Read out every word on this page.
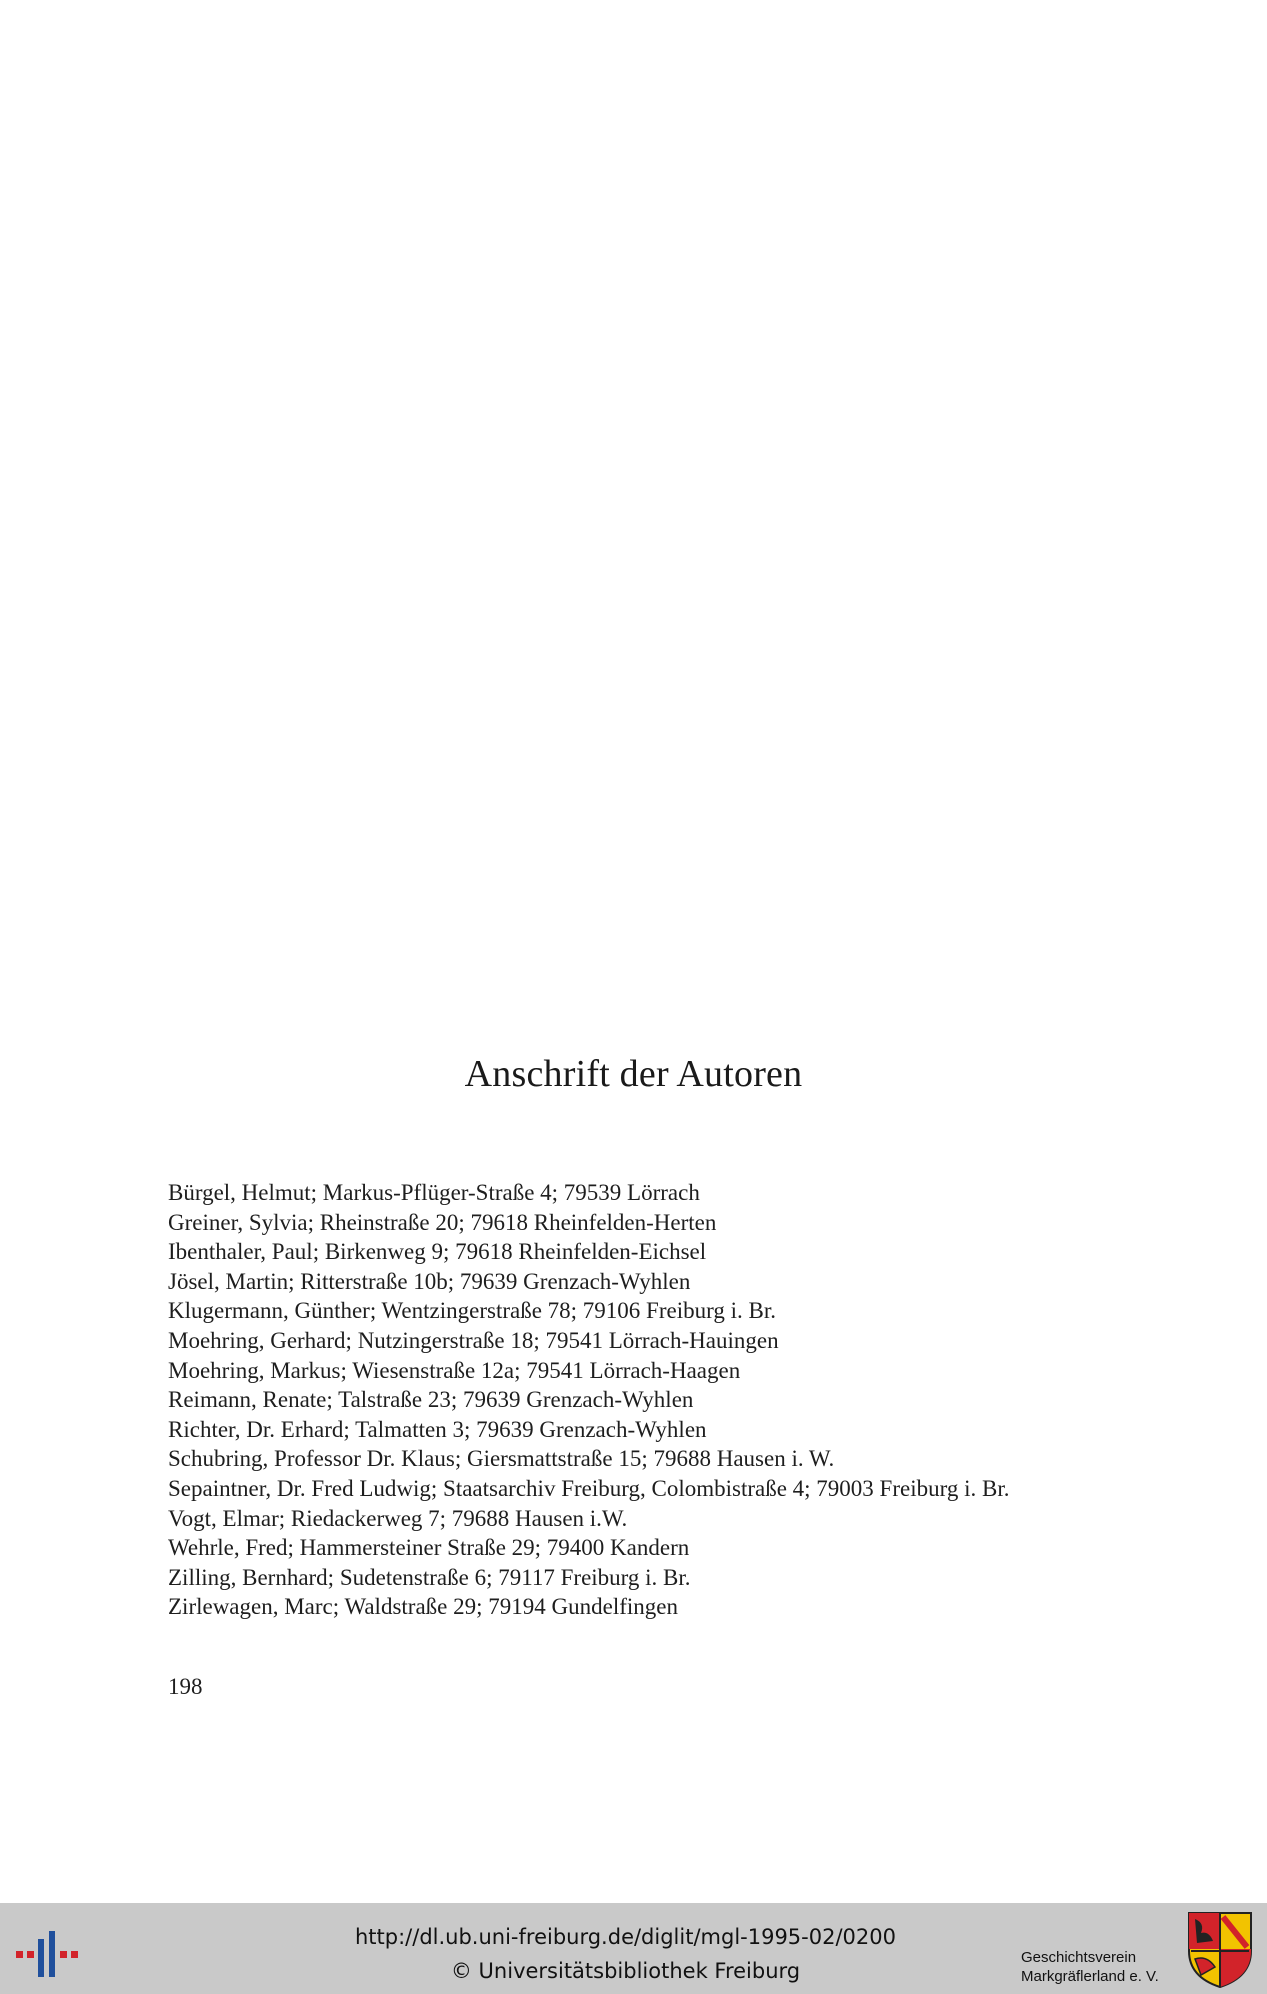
Anschrift der Autoren
Bürgel, Helmut; Markus-Pflüger-Straße 4; 79539 Lörrach
Greiner, Sylvia; Rheinstraße 20; 79618 Rheinfelden-Herten
Ibenthaler, Paul; Birkenweg 9; 79618 Rheinfelden-Eichsel
Jösel, Martin; Ritterstraße 10b; 79639 Grenzach-Wyhlen
Klugermann, Günther; Wentzingerstraße 78; 79106 Freiburg i. Br.
Moehring, Gerhard; Nutzingerstraße 18; 79541 Lörrach-Hauingen
Moehring, Markus; Wiesenstraße 12a; 79541 Lörrach-Haagen
Reimann, Renate; Talstraße 23; 79639 Grenzach-Wyhlen
Richter, Dr. Erhard; Talmatten 3; 79639 Grenzach-Wyhlen
Schubring, Professor Dr. Klaus; Giersmattstraße 15; 79688 Hausen i. W.
Sepaintner, Dr. Fred Ludwig; Staatsarchiv Freiburg, Colombistraße 4; 79003 Freiburg i. Br.
Vogt, Elmar; Riedackerweg 7; 79688 Hausen i.W.
Wehrle, Fred; Hammersteiner Straße 29; 79400 Kandern
Zilling, Bernhard; Sudetenstraße 6; 79117 Freiburg i. Br.
Zirlewagen, Marc; Waldstraße 29; 79194 Gundelfingen
198
http://dl.ub.uni-freiburg.de/diglit/mgl-1995-02/0200
© Universitätsbibliothek Freiburg
Geschichtsverein
Markgräflerland e. V.
